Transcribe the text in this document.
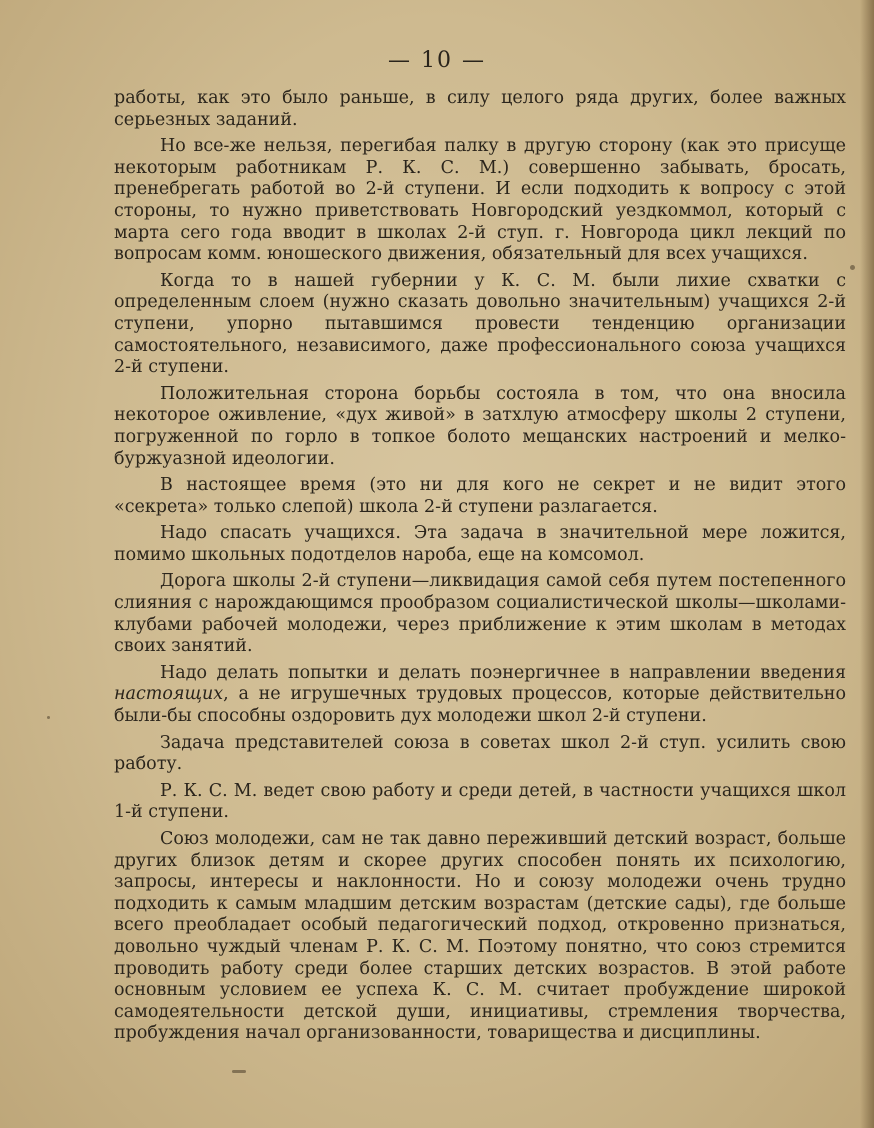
— 10 —

работы, как это было раньше, в силу целого ряда других, более важных серьезных заданий.

Но все-же нельзя, перегибая палку в другую сторону (как это присуще некоторым работникам Р. К. С. М.) совершенно забывать, бросать, пренебрегать работой во 2-й ступени. И если подходить к вопросу с этой стороны, то нужно приветствовать Новгородский уездкоммол, который с марта сего года вводит в школах 2-й ступ. г. Новгорода цикл лекций по вопросам комм. юношеского движения, обязательный для всех учащихся.

Когда то в нашей губернии у К. С. М. были лихие схватки с определенным слоем (нужно сказать довольно значительным) учащихся 2-й ступени, упорно пытавшимся провести тенденцию организации самостоятельного, независимого, даже профессионального союза учащихся 2-й ступени.

Положительная сторона борьбы состояла в том, что она вносила некоторое оживление, «дух живой» в затхлую атмосферу школы 2 ступени, погруженной по горло в топкое болото мещанских настроений и мелко-буржуазной идеологии.

В настоящее время (это ни для кого не секрет и не видит этого «секрета» только слепой) школа 2-й ступени разлагается.

Надо спасать учащихся. Эта задача в значительной мере ложится, помимо школьных подотделов нароба, еще на комсомол.

Дорога школы 2-й ступени—ликвидация самой себя путем постепенного слияния с нарождающимся прообразом социалистической школы—школами-клубами рабочей молодежи, через приближение к этим школам в методах своих занятий.

Надо делать попытки и делать поэнергичнее в направлении введения настоящих, а не игрушечных трудовых процессов, которые действительно были-бы способны оздоровить дух молодежи школ 2-й ступени.

Задача представителей союза в советах школ 2-й ступ. усилить свою работу.

Р. К. С. М. ведет свою работу и среди детей, в частности учащихся школ 1-й ступени.

Союз молодежи, сам не так давно переживший детский возраст, больше других близок детям и скорее других способен понять их психологию, запросы, интересы и наклонности. Но и союзу молодежи очень трудно подходить к самым младшим детским возрастам (детские сады), где больше всего преобладает особый педагогический подход, откровенно признаться, довольно чуждый членам Р. К. С. М. Поэтому понятно, что союз стремится проводить работу среди более старших детских возрастов. В этой работе основным условием ее успеха К. С. М. считает пробуждение широкой самодеятельности детской души, инициативы, стремления творчества, пробуждения начал организованности, товарищества и дисциплины.
